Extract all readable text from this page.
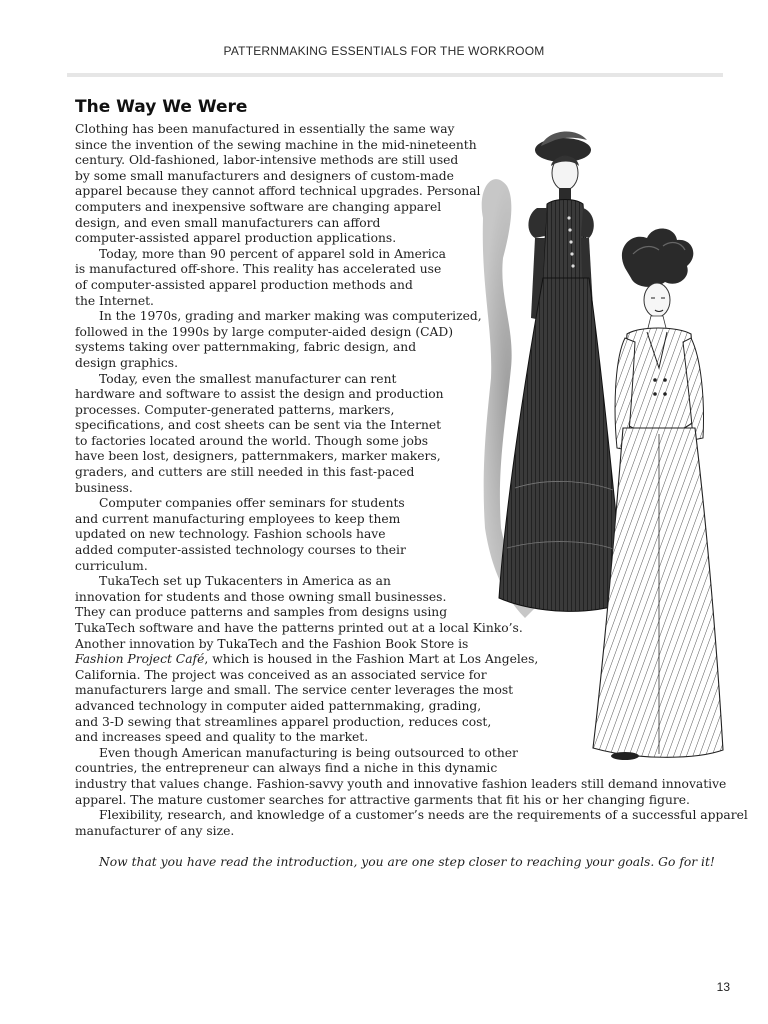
PATTERNMAKING ESSENTIALS FOR THE WORKROOM
The Way We Were
Clothing has been manufactured in essentially the same way
since the invention of the sewing machine in the mid-nineteenth
century. Old-fashioned, labor-intensive methods are still used
by some small manufacturers and designers of custom-made
apparel because they cannot afford technical upgrades. Personal
computers and inexpensive software are changing apparel
design, and even small manufacturers can afford
computer-assisted apparel production applications.
Today, more than 90 percent of apparel sold in America
is manufactured off-shore. This reality has accelerated use
of computer-assisted apparel production methods and
the Internet.
In the 1970s, grading and marker making was computerized,
followed in the 1990s by large computer-aided design (CAD)
systems taking over patternmaking, fabric design, and
design graphics.
Today, even the smallest manufacturer can rent
hardware and software to assist the design and production
processes. Computer-generated patterns, markers,
specifications, and cost sheets can be sent via the Internet
to factories located around the world. Though some jobs
have been lost, designers, patternmakers, marker makers,
graders, and cutters are still needed in this fast-paced
business.
Computer companies offer seminars for students
and current manufacturing employees to keep them
updated on new technology. Fashion schools have
added computer-assisted technology courses to their
curriculum.
TukaTech set up Tukacenters in America as an
innovation for students and those owning small businesses.
They can produce patterns and samples from designs using
TukaTech software and have the patterns printed out at a local Kinko’s.
Another innovation by TukaTech and the Fashion Book Store is
Fashion Project Café, which is housed in the Fashion Mart at Los Angeles,
California. The project was conceived as an associated service for
manufacturers large and small. The service center leverages the most
advanced technology in computer aided patternmaking, grading,
and 3-D sewing that streamlines apparel production, reduces cost,
and increases speed and quality to the market.
Even though American manufacturing is being outsourced to other
countries, the entrepreneur can always find a niche in this dynamic
industry that values change. Fashion-savvy youth and innovative fashion leaders still demand innovative
apparel. The mature customer searches for attractive garments that fit his or her changing figure.
Flexibility, research, and knowledge of a customer’s needs are the requirements of a successful apparel
manufacturer of any size.
Now that you have read the introduction, you are one step closer to reaching your goals. Go for it!
13
